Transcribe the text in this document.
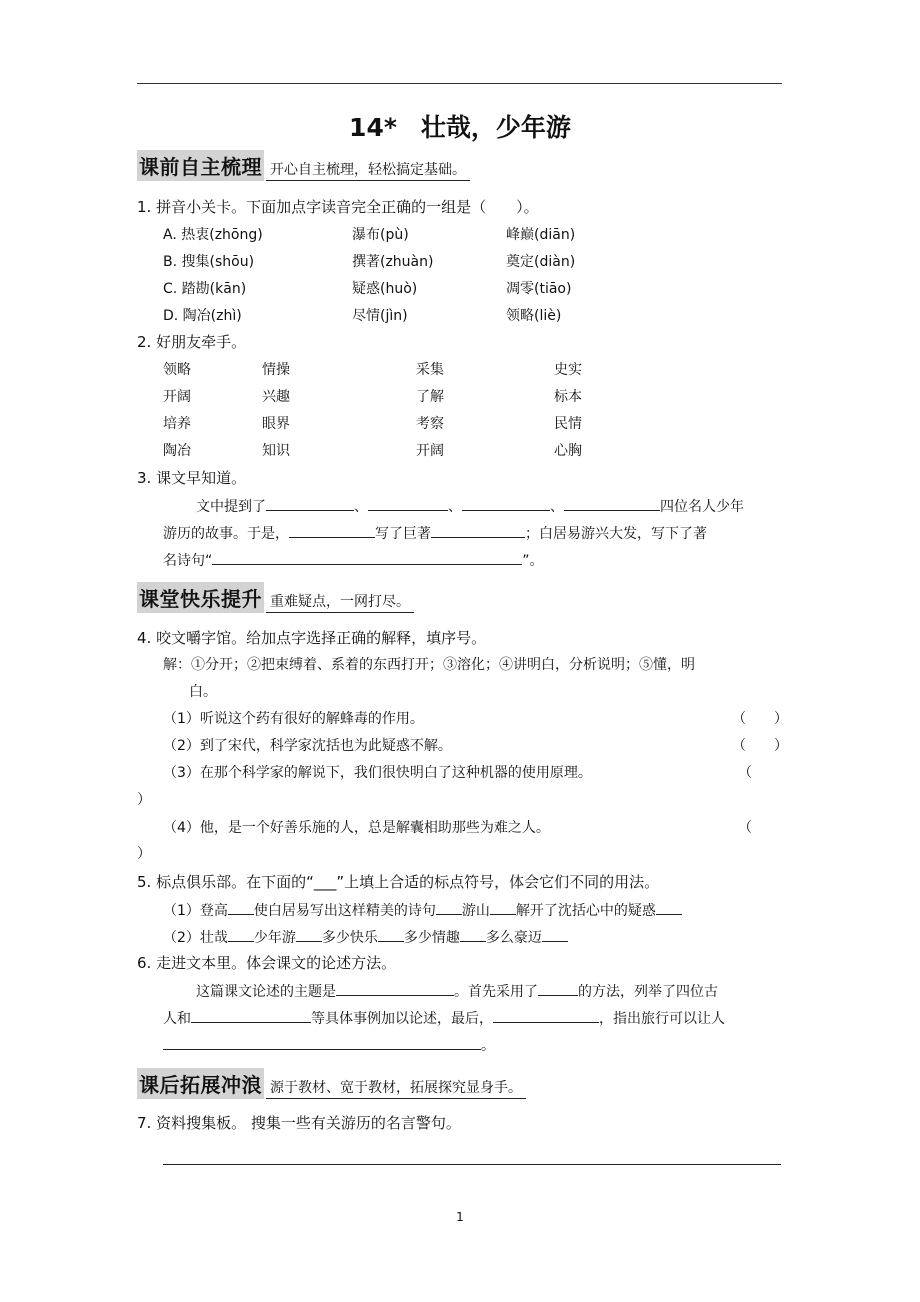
14* 壮哉，少年游
课前自主梳理 开心自主梳理，轻松搞定基础。
1. 拼音小关卡。下面加点字读音完全正确的一组是（　　）。
A. 热衷(zhōng)	瀑布(pù)	峰巅(diān)
B. 搜集(shōu)	撰著(zhuàn)	奠定(diàn)
C. 踏勘(kān)	疑惑(huò)	凋零(tiāo)
D. 陶冶(zhì)	尽情(jìn)	领略(liè)
2. 好朋友牵手。
领略	情操	采集	史实
开阔	兴趣	了解	标本
培养	眼界	考察	民情
陶冶	知识	开阔	心胸
3. 课文早知道。
文中提到了	、	、	、	四位名人少年
游历的故事。于是，	写了巨著	；白居易游兴大发，写下了著
名诗句“	”。
课堂快乐提升 重难疑点，一网打尽。
4. 咬文嚼字馆。给加点字选择正确的解释，填序号。
解：①分开；②把束缚着、系着的东西打开；③溶化；④讲明白，分析说明；⑤懂，明
白。
（1）听说这个药有很好的解蜂毒的作用。	（　　）
（2）到了宋代，科学家沈括也为此疑惑不解。	（　　）
（3）在那个科学家的解说下，我们很快明白了这种机器的使用原理。	（
）
（4）他，是一个好善乐施的人，总是解囊相助那些为难之人。	（
）
5. 标点俱乐部。在下面的“___”上填上合适的标点符号，体会它们不同的用法。
（1）登高 使白居易写出这样精美的诗句 游山 解开了沈括心中的疑惑
（2）壮哉 少年游 多少快乐 多少情趣 多么豪迈
6. 走进文本里。体会课文的论述方法。
这篇课文论述的主题是	。首先采用了	的方法，列举了四位古
人和	等具体事例加以论述，最后，	，指出旅行可以让人
。
课后拓展冲浪 源于教材、宽于教材，拓展探究显身手。
7. 资料搜集板。 搜集一些有关游历的名言警句。
1
